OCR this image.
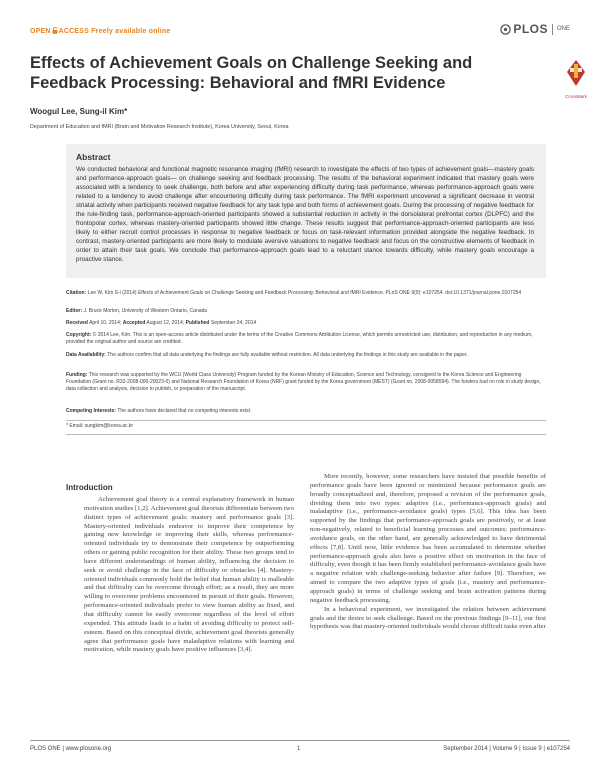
OPEN ACCESS Freely available online	PLOS ONE
Effects of Achievement Goals on Challenge Seeking and Feedback Processing: Behavioral and fMRI Evidence
CrossMark
Woogul Lee, Sung-il Kim*
Department of Education and fMRI (Brain and Motivation Research Institute), Korea University, Seoul, Korea
Abstract
We conducted behavioral and functional magnetic resonance imaging (fMRI) research to investigate the effects of two types of achievement goals—mastery goals and performance-approach goals— on challenge seeking and feedback processing. The results of the behavioral experiment indicated that mastery goals were associated with a tendency to seek challenge, both before and after experiencing difficulty during task performance, whereas performance-approach goals were related to a tendency to avoid challenge after encountering difficulty during task performance. The fMRI experiment uncovered a significant decrease in ventral striatal activity when participants received negative feedback for any task type and both forms of achievement goals. During the processing of negative feedback for the rule-finding task, performance-approach-oriented participants showed a substantial reduction in activity in the dorsolateral prefrontal cortex (DLPFC) and the frontopolar cortex, whereas mastery-oriented participants showed little change. These results suggest that performance-approach-oriented participants are less likely to either recruit control processes in response to negative feedback or focus on task-relevant information provided alongside the negative feedback. In contrast, mastery-oriented participants are more likely to modulate aversive valuations to negative feedback and focus on the constructive elements of feedback in order to attain their task goals. We conclude that performance-approach goals lead to a reluctant stance towards difficulty, while mastery goals encourage a proactive stance.
Citation: Lee W, Kim S-i (2014) Effects of Achievement Goals on Challenge Seeking and Feedback Processing: Behavioral and fMRI Evidence. PLoS ONE 9(9): e107254. doi:10.1371/journal.pone.0107254
Editor: J. Bruce Morton, University of Western Ontario, Canada
Received April 10, 2014; Accepted August 12, 2014; Published September 24, 2014
Copyright: © 2014 Lee, Kim. This is an open-access article distributed under the terms of the Creative Commons Attribution License, which permits unrestricted use, distribution, and reproduction in any medium, provided the original author and source are credited.
Data Availability: The authors confirm that all data underlying the findings are fully available without restriction. All data underlying the findings in this study are available in the paper.
Funding: This research was supported by the WCU (World Class University) Program funded by the Korean Ministry of Education, Science and Technology, consigned to the Korea Science and Engineering Foundation (Grant no. R32-2008-000-20023-0) and National Research Foundation of Korea (NRF) grant funded by the Korea government (MEST) (Grant no. 2008-0058594). The funders had no role in study design, data collection and analysis, decision to publish, or preparation of the manuscript.
Competing Interests: The authors have declared that no competing interests exist.
* Email: sungkim@korea.ac.kr
Introduction
Achievement goal theory is a central explanatory framework in human motivation studies [1,2]. Achievement goal theorists differentiate between two distinct types of achievement goals: mastery and performance goals [3]. Mastery-oriented individuals endeavor to improve their competence by gaining new knowledge or improving their skills, whereas performance-oriented individuals try to demonstrate their competence by outperforming others or gaining public recognition for their ability. These two groups tend to have different understandings of human ability, influencing the decision to seek or avoid challenge in the face of difficulty or obstacles [4]. Mastery-oriented individuals commonly hold the belief that human ability is malleable and that difficulty can be overcome through effort; as a result, they are more willing to overcome problems encountered in pursuit of their goals. However, performance-oriented individuals prefer to view human ability as fixed, and that difficulty cannot be easily overcome regardless of the level of effort expended. This attitude leads to a habit of avoiding difficulty to protect self-esteem. Based on this conceptual divide, achievement goal theorists generally agree that performance goals have maladaptive relations with learning and motivation, while mastery goals have positive influences [3,4].
More recently, however, some researchers have insisted that possible benefits of performance goals have been ignored or minimized because performance goals are broadly conceptualized and, therefore, proposed a revision of the performance goals, dividing them into two types: adaptive (i.e., performance-approach goals) and maladaptive (i.e., performance-avoidance goals) types [5,6]. This idea has been supported by the findings that performance-approach goals are positively, or at least non-negatively, related to beneficial learning processes and outcomes; performance-avoidance goals, on the other hand, are generally acknowledged to have detrimental effects [7,8]. Until now, little evidence has been accumulated to determine whether performance-approach goals also have a positive effect on motivation in the face of difficulty, even though it has been firmly established performance-avoidance goals have a negative relation with challenge-seeking behavior after failure [9]. Therefore, we aimed to compare the two adaptive types of goals (i.e., mastery and performance-approach goals) in terms of challenge seeking and brain activation patterns during negative feedback processing.
In a behavioral experiment, we investigated the relation between achievement goals and the desire to seek challenge. Based on the previous findings [9–11], our first hypothesis was that mastery-oriented individuals would choose difficult tasks even after
PLOS ONE | www.plosone.org	1	September 2014 | Volume 9 | Issue 9 | e107254
